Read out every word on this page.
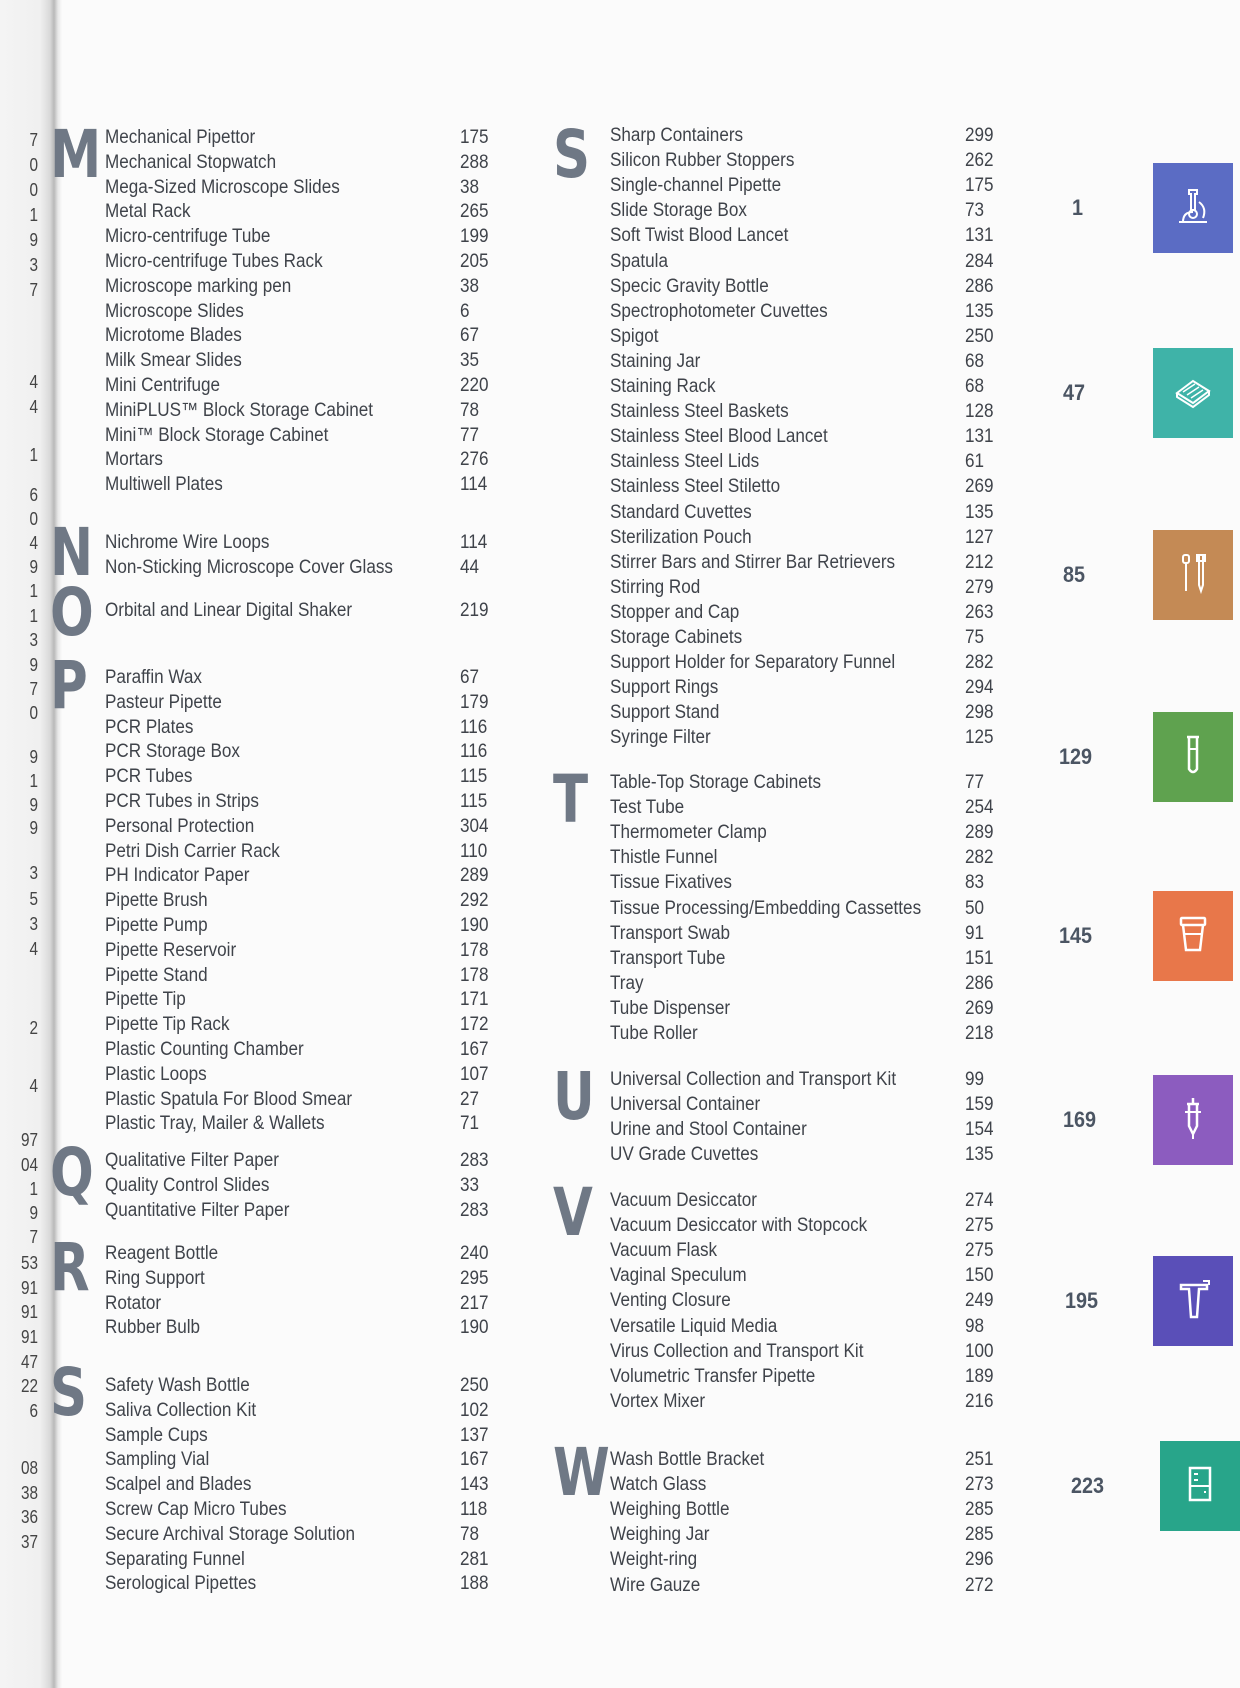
7
0
0
1
9
3
7
4
4
1
6
0
4
9
1
1
3
9
7
0
9
1
9
9
3
5
3
4
2
4
97
04
1
9
7
53
91
91
91
47
22
6
08
38
36
37
M Mechanical Pipettor	175
Mechanical Stopwatch	288
Mega-Sized Microscope Slides	38
Metal Rack	265
Micro-centrifuge Tube	199
Micro-centrifuge Tubes Rack	205
Microscope marking pen	38
Microscope Slides	6
Microtome Blades	67
Milk Smear Slides	35
Mini Centrifuge	220
MiniPLUS™ Block Storage Cabinet	78
Mini™ Block Storage Cabinet	77
Mortars	276
Multiwell Plates	114
N Nichrome Wire Loops	114
Non-Sticking Microscope Cover Glass	44
O Orbital and Linear Digital Shaker	219
P Paraffin Wax	67
Pasteur Pipette	179
PCR Plates	116
PCR Storage Box	116
PCR Tubes	115
PCR Tubes in Strips	115
Personal Protection	304
Petri Dish Carrier Rack	110
PH Indicator Paper	289
Pipette Brush	292
Pipette Pump	190
Pipette Reservoir	178
Pipette Stand	178
Pipette Tip	171
Pipette Tip Rack	172
Plastic Counting Chamber	167
Plastic Loops	107
Plastic Spatula For Blood Smear	27
Plastic Tray, Mailer & Wallets	71
Q Qualitative Filter Paper	283
Quality Control Slides	33
Quantitative Filter Paper	283
R Reagent Bottle	240
Ring Support	295
Rotator	217
Rubber Bulb	190
S Safety Wash Bottle	250
Saliva Collection Kit	102
Sample Cups	137
Sampling Vial	167
Scalpel and Blades	143
Screw Cap Micro Tubes	118
Secure Archival Storage Solution	78
Separating Funnel	281
Serological Pipettes	188
S Sharp Containers	299
Silicon Rubber Stoppers	262
Single-channel Pipette	175
Slide Storage Box	73
Soft Twist Blood Lancet	131
Spatula	284
Specic Gravity Bottle	286
Spectrophotometer Cuvettes	135
Spigot	250
Staining Jar	68
Staining Rack	68
Stainless Steel Baskets	128
Stainless Steel Blood Lancet	131
Stainless Steel Lids	61
Stainless Steel Stiletto	269
Standard Cuvettes	135
Sterilization Pouch	127
Stirrer Bars and Stirrer Bar Retrievers	212
Stirring Rod	279
Stopper and Cap	263
Storage Cabinets	75
Support Holder for Separatory Funnel	282
Support Rings	294
Support Stand	298
Syringe Filter	125
T Table-Top Storage Cabinets	77
Test Tube	254
Thermometer Clamp	289
Thistle Funnel	282
Tissue Fixatives	83
Tissue Processing/Embedding Cassettes 50
Transport Swab	91
Transport Tube	151
Tray	286
Tube Dispenser	269
Tube Roller	218
U Universal Collection and Transport Kit	99
Universal Container	159
Urine and Stool Container	154
UV Grade Cuvettes	135
V Vacuum Desiccator	274
Vacuum Desiccator with Stopcock	275
Vacuum Flask	275
Vaginal Speculum	150
Venting Closure	249
Versatile Liquid Media	98
Virus Collection and Transport Kit	100
Volumetric Transfer Pipette	189
Vortex Mixer	216
W Wash Bottle Bracket	251
Watch Glass	273
Weighing Bottle	285
Weighing Jar	285
Weight-ring	296
Wire Gauze	272
1
47
85
129
145
169
195
223
